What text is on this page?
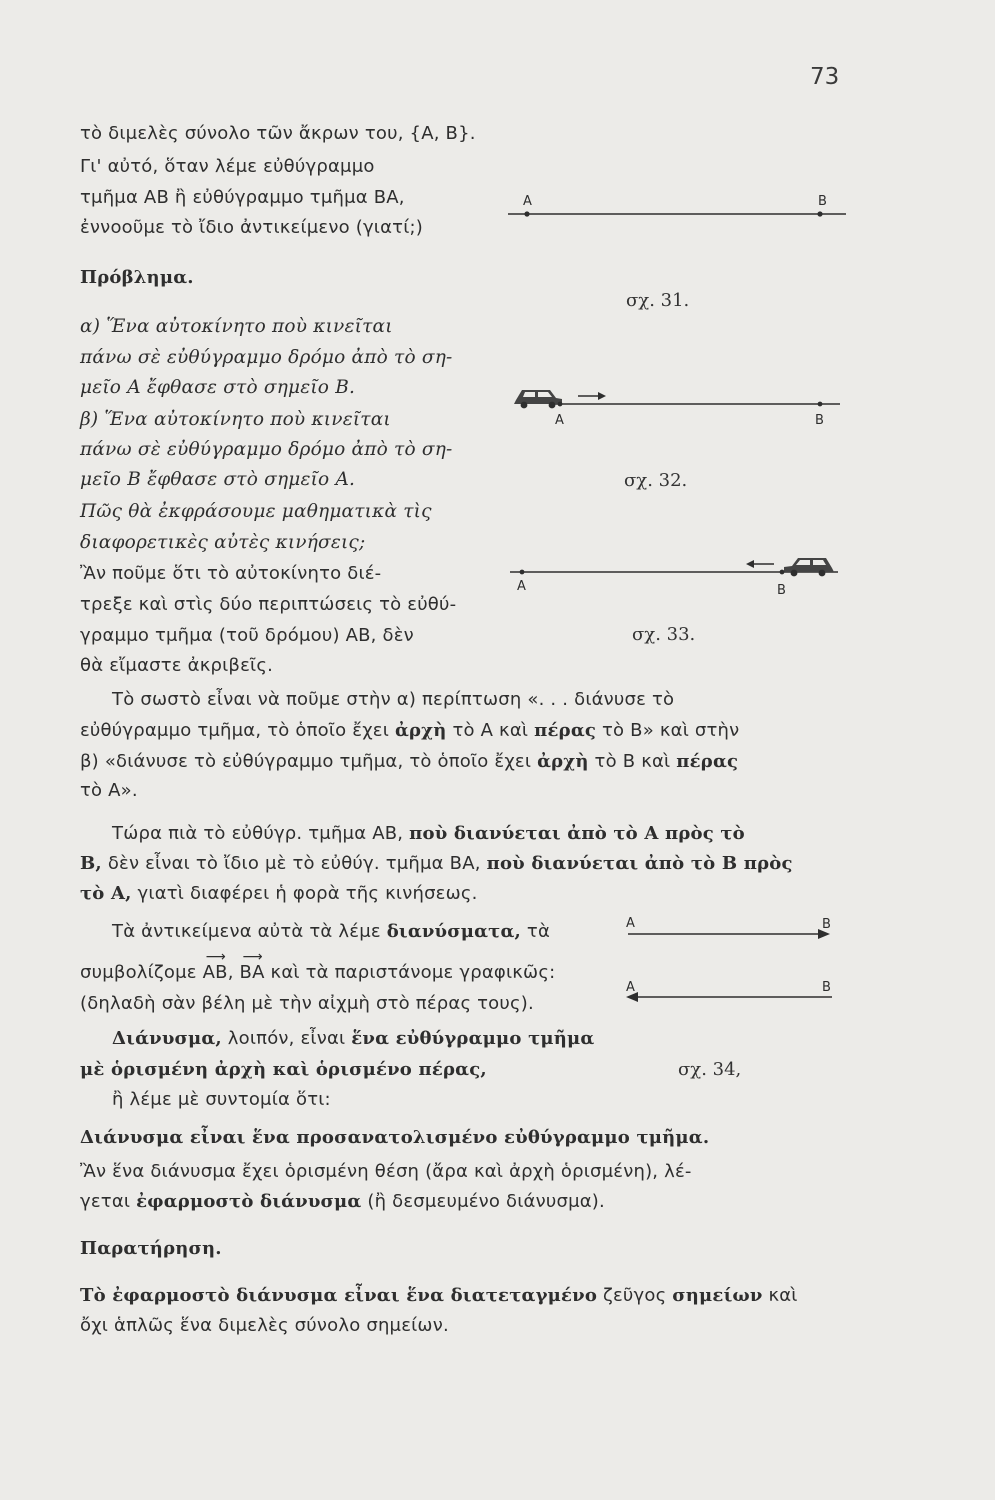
73
τὸ διμελὲς σύνολο τῶν ἄκρων του, {Α, Β}.
Γι' αὐτό, ὅταν λέμε εὐθύγραμμο
τμῆμα ΑΒ ἢ εὐθύγραμμο τμῆμα ΒΑ,
ἐννοοῦμε τὸ ἴδιο ἀντικείμενο (γιατί;)
Πρόβλημα.
α) Ἕνα αὐτοκίνητο ποὺ κινεῖται
πάνω σὲ εὐθύγραμμο δρόμο ἀπὸ τὸ ση-
μεῖο Α ἔφθασε στὸ σημεῖο Β.
β) Ἕνα αὐτοκίνητο ποὺ κινεῖται
πάνω σὲ εὐθύγραμμο δρόμο ἀπὸ τὸ ση-
μεῖο Β ἔφθασε στὸ σημεῖο Α.
Πῶς θὰ ἐκφράσουμε μαθηματικὰ τὶς
διαφορετικὲς αὐτὲς κινήσεις;
Ἂν ποῦμε ὅτι τὸ αὐτοκίνητο διέ-
τρεξε καὶ στὶς δύο περιπτώσεις τὸ εὐθύ-
γραμμο τμῆμα (τοῦ δρόμου) ΑΒ, δὲν
θὰ εἴμαστε ἀκριβεῖς.
Τὸ σωστὸ εἶναι νὰ ποῦμε στὴν α) περίπτωση «. . . διάνυσε τὸ
εὐθύγραμμο τμῆμα, τὸ ὁποῖο ἔχει ἀρχὴ τὸ Α καὶ πέρας τὸ Β» καὶ στὴν
β) «διάνυσε τὸ εὐθύγραμμο τμῆμα, τὸ ὁποῖο ἔχει ἀρχὴ τὸ Β καὶ πέρας
τὸ Α».
Τώρα πιὰ τὸ εὐθύγρ. τμῆμα ΑΒ, ποὺ διανύεται ἀπὸ τὸ Α πρὸς τὸ
Β, δὲν εἶναι τὸ ἴδιο μὲ τὸ εὐθύγ. τμῆμα ΒΑ, ποὺ διανύεται ἀπὸ τὸ Β πρὸς
τὸ Α, γιατὶ διαφέρει ἡ φορὰ τῆς κινήσεως.
Τὰ ἀντικείμενα αὐτὰ τὰ λέμε διανύσματα, τὰ
συμβολίζομε
⟶
ΑΒ,
⟶
ΒΑ καὶ τὰ παριστάνομε γραφικῶς:
(δηλαδὴ σὰν βέλη μὲ τὴν αἰχμὴ στὸ πέρας τους).
Διάνυσμα, λοιπόν, εἶναι ἕνα εὐθύγραμμο τμῆμα
μὲ ὁρισμένη ἀρχὴ καὶ ὁρισμένο πέρας,
ἢ λέμε μὲ συντομία ὅτι:
Διάνυσμα εἶναι ἕνα προσανατολισμένο εὐθύγραμμο τμῆμα.
Ἂν ἕνα διάνυσμα ἔχει ὁρισμένη θέση (ἄρα καὶ ἀρχὴ ὁρισμένη), λέ-
γεται ἐφαρμοστὸ διάνυσμα (ἢ δεσμευμένο διάνυσμα).
Παρατήρηση.
Τὸ ἐφαρμοστὸ διάνυσμα εἶναι ἕνα διατεταγμένο ζεῦγος σημείων καὶ
ὄχι ἁπλῶς ἕνα διμελὲς σύνολο σημείων.
Α	Β
σχ. 31.
Α	Β
σχ. 32.
Α	Β
σχ. 33.
Α	Β
Α	Β
σχ. 34,
